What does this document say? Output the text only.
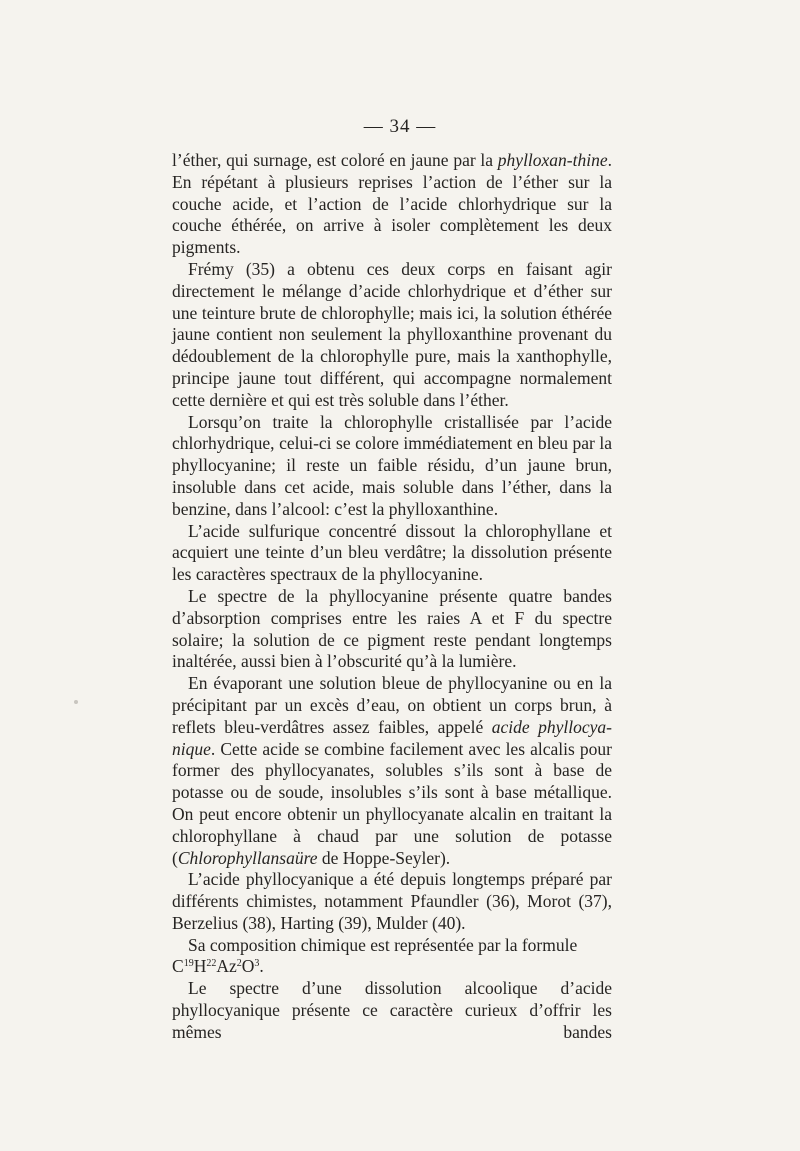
— 34 —

l’éther, qui surnage, est coloré en jaune par la phylloxan-thine. En répétant à plusieurs reprises l’action de l’éther sur la couche acide, et l’action de l’acide chlorhydrique sur la couche éthérée, on arrive à isoler complètement les deux pigments.

Frémy (35) a obtenu ces deux corps en faisant agir directement le mélange d’acide chlorhydrique et d’éther sur une teinture brute de chlorophylle; mais ici, la solution éthérée jaune contient non seulement la phylloxanthine provenant du dédoublement de la chlorophylle pure, mais la xanthophylle, principe jaune tout différent, qui accompagne normalement cette dernière et qui est très soluble dans l’éther.

Lorsqu’on traite la chlorophylle cristallisée par l’acide chlorhydrique, celui-ci se colore immédiatement en bleu par la phyllocyanine; il reste un faible résidu, d’un jaune brun, insoluble dans cet acide, mais soluble dans l’éther, dans la benzine, dans l’alcool: c’est la phylloxanthine.

L’acide sulfurique concentré dissout la chlorophyllane et acquiert une teinte d’un bleu verdâtre; la dissolution présente les caractères spectraux de la phyllocyanine.

Le spectre de la phyllocyanine présente quatre bandes d’absorption comprises entre les raies A et F du spectre solaire; la solution de ce pigment reste pendant longtemps inaltérée, aussi bien à l’obscurité qu’à la lumière.

En évaporant une solution bleue de phyllocyanine ou en la précipitant par un excès d’eau, on obtient un corps brun, à reflets bleu-verdâtres assez faibles, appelé acide phyllocya-nique. Cette acide se combine facilement avec les alcalis pour former des phyllocyanates, solubles s’ils sont à base de potasse ou de soude, insolubles s’ils sont à base métallique. On peut encore obtenir un phyllocyanate alcalin en traitant la chlorophyllane à chaud par une solution de potasse (Chlorophyllansaüre de Hoppe-Seyler).

L’acide phyllocyanique a été depuis longtemps préparé par différents chimistes, notamment Pfaundler (36), Morot (37), Berzelius (38), Harting (39), Mulder (40).

Sa composition chimique est représentée par la formule
$C^{19}H^{22}Az^2O^3$.

Le spectre d’une dissolution alcoolique d’acide phyllocyanique présente ce caractère curieux d’offrir les mêmes bandes
